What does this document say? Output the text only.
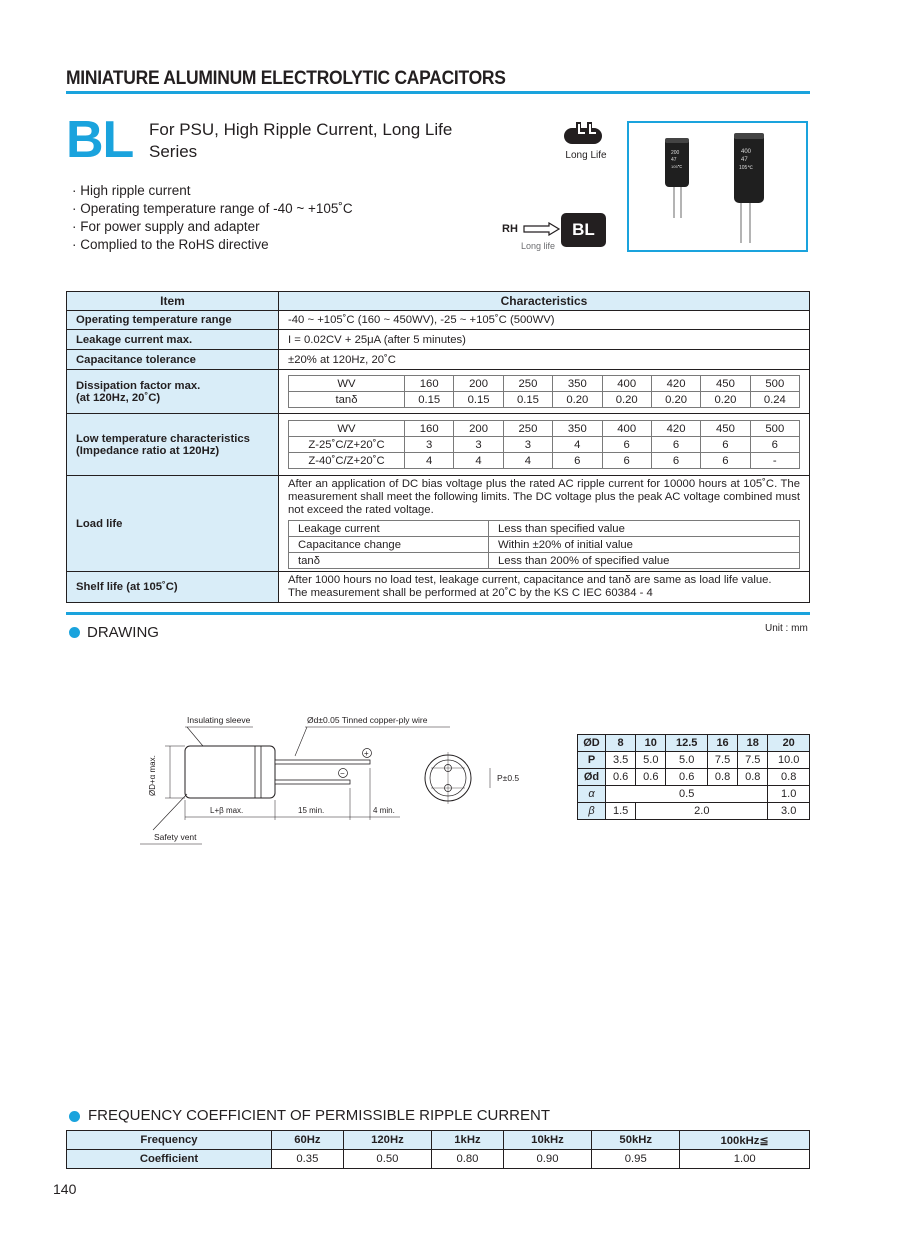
MINIATURE ALUMINUM ELECTROLYTIC CAPACITORS
BL For PSU, High Ripple Current, Long Life
Series
· High ripple current
· Operating temperature range of -40 ~ +105˚C
· For power supply and adapter
· Complied to the RoHS directive
Long Life
RH	BL
Long life
200
47
105℃
400
47
105℃
Item	Characteristics
Operating temperature range	-40 ~ +105˚C (160 ~ 450WV), -25 ~ +105˚C (500WV)
Leakage current max.	I = 0.02CV + 25μA (after 5 minutes)
Capacitance tolerance	±20% at 120Hz, 20˚C

Dissipation factor max.
(at 120Hz, 20˚C)

WV	160	200	250	350	400	420	450	500
tanδ	0.15	0.15	0.15	0.20	0.20	0.20	0.20	0.24

Low temperature characteristics
(Impedance ratio at 120Hz)

WV	160	200	250	350	400	420	450	500
Z-25˚C/Z+20˚C	3	3	3	4	6	6	6	6
Z-40˚C/Z+20˚C	4	4	4	6	6	6	6	-

Load life	
After an application of DC bias voltage plus the rated AC ripple current for 10000 hours at 105˚C. The measurement shall meet the following limits. The DC voltage plus the peak AC voltage combined must not exceed the rated voltage.
Leakage current	Less than specified value
Capacitance change	Within ±20% of initial value
tanδ	Less than 200% of specified value

Shelf life (at 105˚C)	
After 1000 hours no load test, leakage current, capacitance and tanδ are same as load life value.
The measurement shall be performed at 20˚C by the KS C IEC 60384 - 4
DRAWING	Unit : mm
Insulating sleeve	Ød±0.05 Tinned copper-ply wire
+
−
ØD+α max.
L+β max.	15 min.	4 min.
Safety vent
P±0.5
ØD	8	10	12.5	16	18	20
P	3.5	5.0	5.0	7.5	7.5	10.0
Ød	0.6	0.6	0.6	0.8	0.8	0.8
α	0.5					1.0
β	1.5	2.0				3.0
FREQUENCY COEFFICIENT OF PERMISSIBLE RIPPLE CURRENT
Frequency	60Hz	120Hz	1kHz	10kHz	50kHz	100kHz≦
Coefficient	0.35	0.50	0.80	0.90	0.95	1.00
140
